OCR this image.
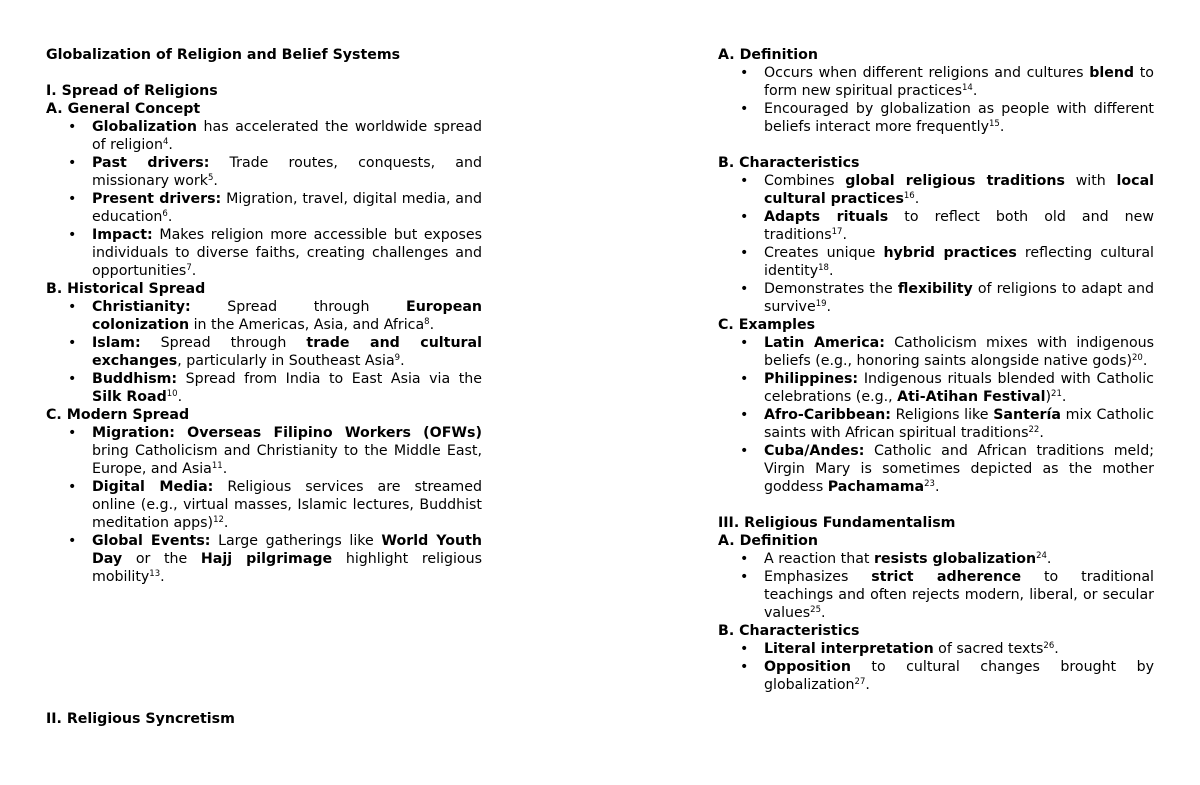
Globalization of Religion and Belief Systems
I. Spread of Religions
A. General Concept
• Globalization has accelerated the worldwide spread of religion$^4$.
• Past drivers: Trade routes, conquests, and missionary work$^5$.
• Present drivers: Migration, travel, digital media, and education$^6$.
• Impact: Makes religion more accessible but exposes individuals to diverse faiths, creating challenges and opportunities$^7$.
B. Historical Spread
• Christianity: Spread through European colonization in the Americas, Asia, and Africa$^8$.
• Islam: Spread through trade and cultural exchanges, particularly in Southeast Asia$^9$.
• Buddhism: Spread from India to East Asia via the Silk Road$^{10}$.
C. Modern Spread
• Migration: Overseas Filipino Workers (OFWs) bring Catholicism and Christianity to the Middle East, Europe, and Asia$^{11}$.
• Digital Media: Religious services are streamed online (e.g., virtual masses, Islamic lectures, Buddhist meditation apps)$^{12}$.
• Global Events: Large gatherings like World Youth Day or the Hajj pilgrimage highlight religious mobility$^{13}$.
II. Religious Syncretism
A. Definition
• Occurs when different religions and cultures blend to form new spiritual practices$^{14}$.
• Encouraged by globalization as people with different beliefs interact more frequently$^{15}$.
B. Characteristics
• Combines global religious traditions with local cultural practices$^{16}$.
• Adapts rituals to reflect both old and new traditions$^{17}$.
• Creates unique hybrid practices reflecting cultural identity$^{18}$.
• Demonstrates the flexibility of religions to adapt and survive$^{19}$.
C. Examples
• Latin America: Catholicism mixes with indigenous beliefs (e.g., honoring saints alongside native gods)$^{20}$.
• Philippines: Indigenous rituals blended with Catholic celebrations (e.g., Ati-Atihan Festival)$^{21}$.
• Afro-Caribbean: Religions like Santería mix Catholic saints with African spiritual traditions$^{22}$.
• Cuba/Andes: Catholic and African traditions meld; Virgin Mary is sometimes depicted as the mother goddess Pachamama$^{23}$.
III. Religious Fundamentalism
A. Definition
• A reaction that resists globalization$^{24}$.
• Emphasizes strict adherence to traditional teachings and often rejects modern, liberal, or secular values$^{25}$.
B. Characteristics
• Literal interpretation of sacred texts$^{26}$.
• Opposition to cultural changes brought by globalization$^{27}$.
